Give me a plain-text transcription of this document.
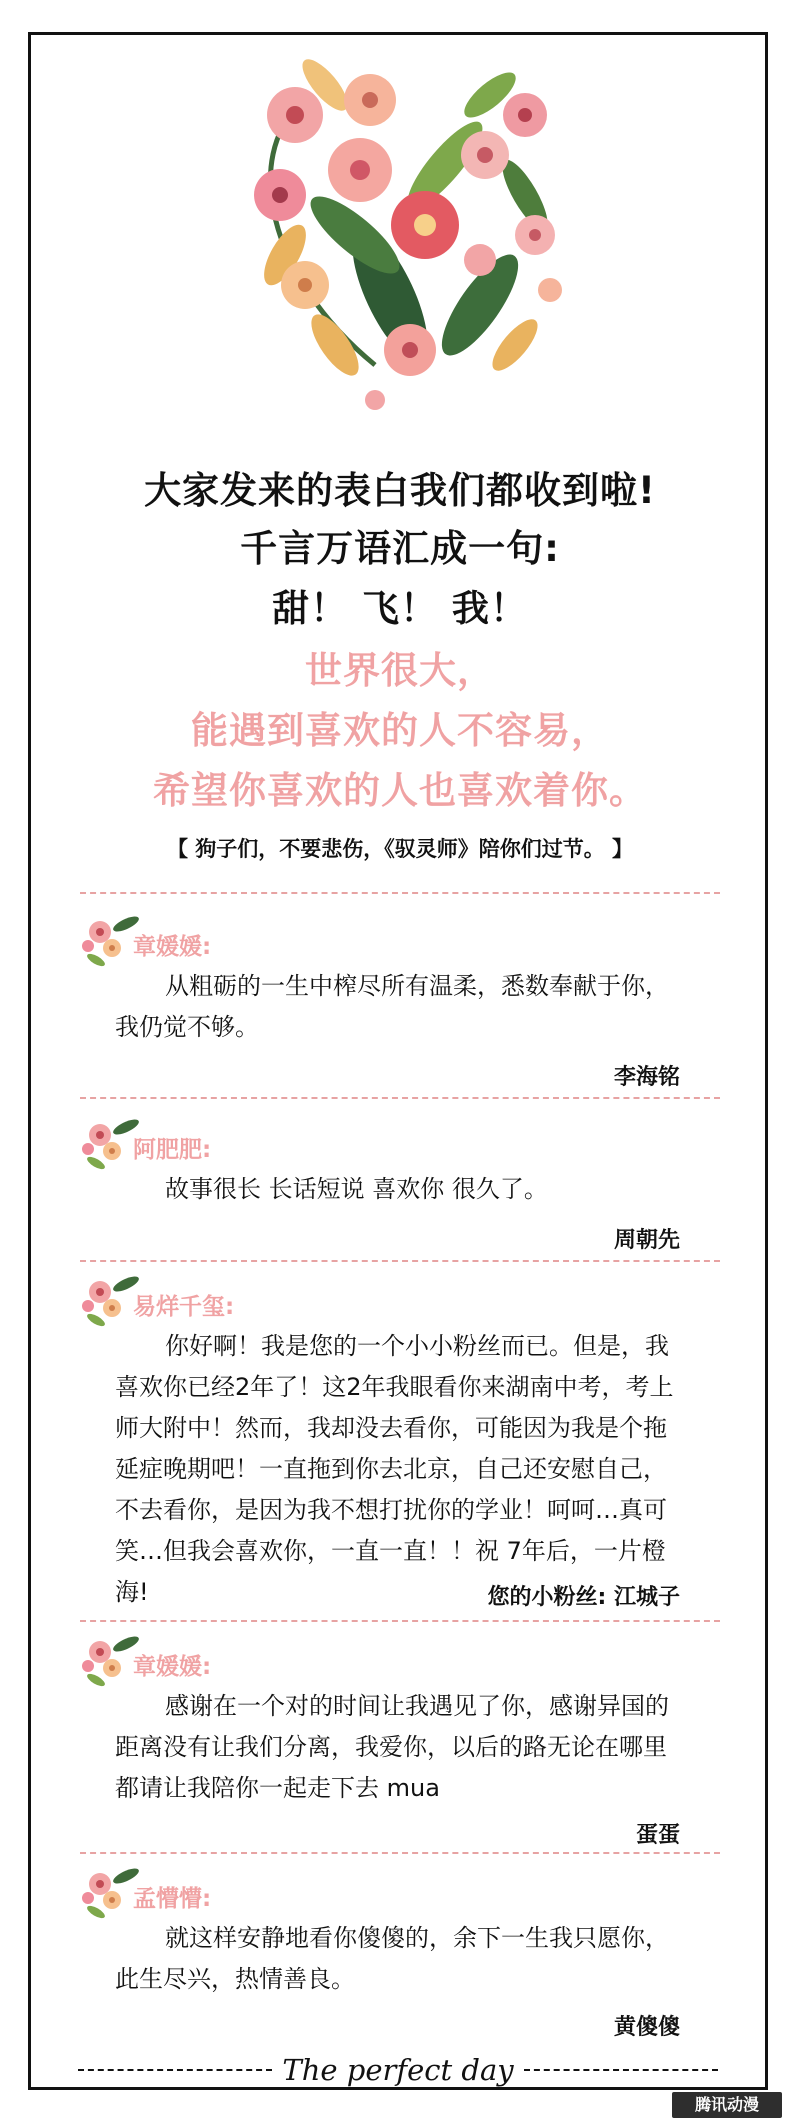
大家发来的表白我们都收到啦!
千言万语汇成一句:
甜！ 飞！ 我！
世界很大，
能遇到喜欢的人不容易，
希望你喜欢的人也喜欢着你。
【 狗子们，不要悲伤，《驭灵师》陪你们过节。 】
章媛媛:
从粗砺的一生中榨尽所有温柔，悉数奉献于你，我仍觉不够。
李海铭
阿肥肥:
故事很长 长话短说 喜欢你 很久了。
周朝先
易烊千玺:
你好啊！我是您的一个小小粉丝而已。但是，我喜欢你已经2年了！这2年我眼看你来湖南中考，考上师大附中！然而，我却没去看你，可能因为我是个拖延症晚期吧！一直拖到你去北京，自己还安慰自己，不去看你，是因为我不想打扰你的学业！呵呵…真可笑…但我会喜欢你，一直一直！！祝 7年后，一片橙海!	您的小粉丝: 江城子
章媛媛:
感谢在一个对的时间让我遇见了你，感谢异国的距离没有让我们分离，我爱你，以后的路无论在哪里都请让我陪你一起走下去 mua
蛋蛋
孟懵懵:
就这样安静地看你傻傻的，余下一生我只愿你，此生尽兴，热情善良。
黄傻傻
The perfect day
腾讯动漫
